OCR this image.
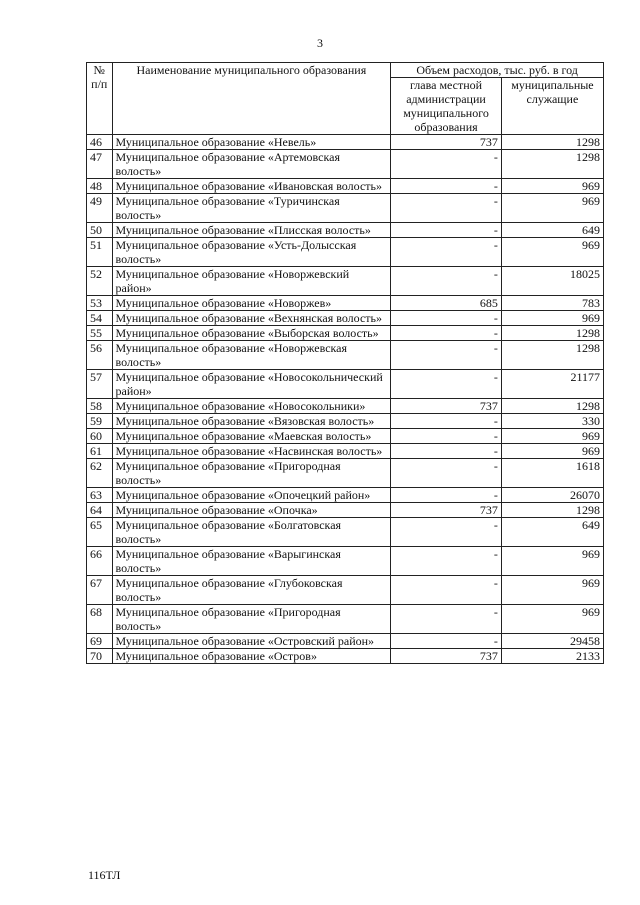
3
№ п/п	Наименование муниципального образования	Объем расходов, тыс. руб. в год	
		глава местной администрации муниципального образования	муниципальные служащие
46	Муниципальное образование «Невель»	737	1298
47	Муниципальное образование «Артемовская волость»	-	1298
48	Муниципальное образование «Ивановская волость»	-	969
49	Муниципальное образование «Туричинская волость»	-	969
50	Муниципальное образование «Плисская волость»	-	649
51	Муниципальное образование «Усть-Долысская волость»	-	969
52	Муниципальное образование «Новоржевский район»	-	18025
53	Муниципальное образование «Новоржев»	685	783
54	Муниципальное образование «Вехнянская волость»	-	969
55	Муниципальное образование «Выборская волость»	-	1298
56	Муниципальное образование «Новоржевская волость»	-	1298
57	Муниципальное образование «Новосокольнический район»	-	21177
58	Муниципальное образование «Новосокольники»	737	1298
59	Муниципальное образование «Вязовская волость»	-	330
60	Муниципальное образование «Маевская волость»	-	969
61	Муниципальное образование «Насвинская волость»	-	969
62	Муниципальное образование «Пригородная волость»	-	1618
63	Муниципальное образование «Опочецкий район»	-	26070
64	Муниципальное образование «Опочка»	737	1298
65	Муниципальное образование «Болгатовская волость»	-	649
66	Муниципальное образование «Варыгинская волость»	-	969
67	Муниципальное образование «Глубоковская волость»	-	969
68	Муниципальное образование «Пригородная волость»	-	969
69	Муниципальное образование «Островский район»	-	29458
70	Муниципальное образование «Остров»	737	2133
116ТЛ
